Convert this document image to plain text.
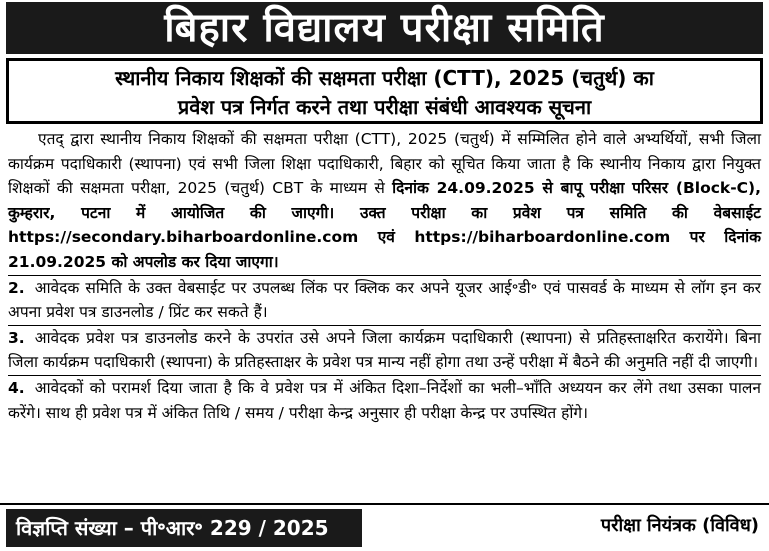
बिहार विद्यालय परीक्षा समिति
स्थानीय निकाय शिक्षकों की सक्षमता परीक्षा (CTT), 2025 (चतुर्थ) का
प्रवेश पत्र निर्गत करने तथा परीक्षा संबंधी आवश्यक सूचना

एतद् द्वारा स्थानीय निकाय शिक्षकों की सक्षमता परीक्षा (CTT), 2025 (चतुर्थ) में सम्मिलित होने वाले अभ्यर्थियों, सभी जिला कार्यक्रम पदाधिकारी (स्थापना) एवं सभी जिला शिक्षा पदाधिकारी, बिहार को सूचित किया जाता है कि स्थानीय निकाय द्वारा नियुक्त शिक्षकों की सक्षमता परीक्षा, 2025 (चतुर्थ) CBT के माध्यम से दिनांक 24.09.2025 से बापू परीक्षा परिसर (Block-C), कुम्हरार, पटना में आयोजित की जाएगी। उक्त परीक्षा का प्रवेश पत्र समिति की वेबसाईट https://secondary.biharboardonline.com एवं https://biharboardonline.com पर दिनांक 21.09.2025 को अपलोड कर दिया जाएगा।

2. आवेदक समिति के उक्त वेबसाईट पर उपलब्ध लिंक पर क्लिक कर अपने यूजर आई॰डी॰ एवं पासवर्ड के माध्यम से लॉग इन कर अपना प्रवेश पत्र डाउनलोड / प्रिंट कर सकते हैं।

3. आवेदक प्रवेश पत्र डाउनलोड करने के उपरांत उसे अपने जिला कार्यक्रम पदाधिकारी (स्थापना) से प्रतिहस्ताक्षरित करायेंगे। बिना जिला कार्यक्रम पदाधिकारी (स्थापना) के प्रतिहस्ताक्षर के प्रवेश पत्र मान्य नहीं होगा तथा उन्हें परीक्षा में बैठने की अनुमति नहीं दी जाएगी।

4. आवेदकों को परामर्श दिया जाता है कि वे प्रवेश पत्र में अंकित दिशा–निर्देशों का भली–भाँति अध्ययन कर लेंगे तथा उसका पालन करेंगे। साथ ही प्रवेश पत्र में अंकित तिथि / समय / परीक्षा केन्द्र अनुसार ही परीक्षा केन्द्र पर उपस्थित होंगे।

विज्ञप्ति संख्या – पी॰आर॰ 229 / 2025	परीक्षा नियंत्रक (विविध)
